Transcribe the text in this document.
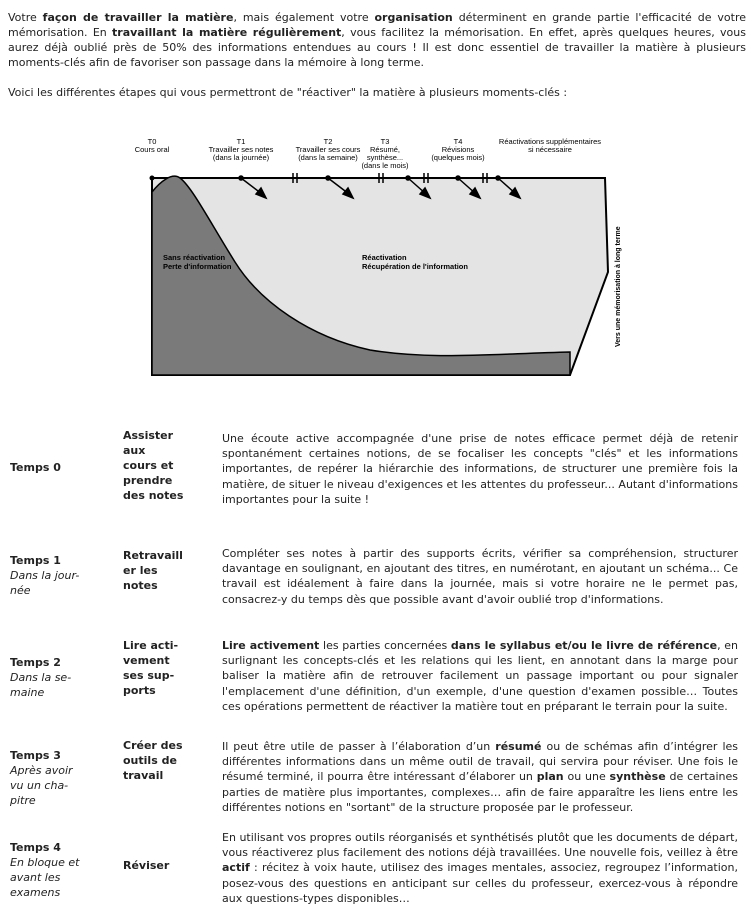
Votre façon de travailler la matière, mais également votre organisation déterminent en grande partie l'efficacité de votre mémorisation. En travaillant la matière régulièrement, vous facilitez la mémorisation. En effet, après quelques heures, vous aurez déjà oublié près de 50% des informations entendues au cours ! Il est donc essentiel de travailler la matière à plusieurs moments-clés afin de favoriser son passage dans la mémoire à long terme.
Voici les différentes étapes qui vous permettront de "réactiver" la matière à plusieurs moments-clés :
T0 Cours oral
T1 Travailler ses notes (dans la journée)
T2 Travailler ses cours (dans la semaine)
T3 Résumé, synthèse... (dans le mois)
T4 Révisions (quelques mois)
Réactivations supplémentaires si nécessaire
Sans réactivation Perte d'information
Réactivation Récupération de l'information	Vers une mémorisation à long terme
Temps 0
Assister
aux
cours et
prendre
des notes
Une écoute active accompagnée d'une prise de notes efficace permet déjà de retenir spontanément certaines notions, de se focaliser les concepts "clés" et les informations importantes, de repérer la hiérarchie des informations, de structurer une première fois la matière, de situer le niveau d'exigences et les attentes du professeur... Autant d'informations importantes pour la suite !
Temps 1
Dans la jour-
née
Retravaill
er les
notes
Compléter ses notes à partir des supports écrits, vérifier sa compréhension, structurer davantage en soulignant, en ajoutant des titres, en numérotant, en ajoutant un schéma... Ce travail est idéalement à faire dans la journée, mais si votre horaire ne le permet pas, consacrez-y du temps dès que possible avant d'avoir oublié trop d'informations.
Temps 2
Dans la se-
maine
Lire acti-
vement
ses sup-
ports
Lire activement les parties concernées dans le syllabus et/ou le livre de référence, en surlignant les concepts-clés et les relations qui les lient, en annotant dans la marge pour baliser la matière afin de retrouver facilement un passage important ou pour signaler l'emplacement d'une définition, d'un exemple, d'une question d'examen possible… Toutes ces opérations permettent de réactiver la matière tout en préparant le terrain pour la suite.
Temps 3
Après avoir
vu un cha-
pitre
Créer des
outils de
travail
Il peut être utile de passer à l’élaboration d’un résumé ou de schémas afin d’intégrer les différentes informations dans un même outil de travail, qui servira pour réviser. Une fois le résumé terminé, il pourra être intéressant d’élaborer un plan ou une synthèse de certaines parties de matière plus importantes, complexes… afin de faire apparaître les liens entre les différentes notions en "sortant" de la structure proposée par le professeur.
Temps 4
En bloque et
avant les
examens
Réviser
En utilisant vos propres outils réorganisés et synthétisés plutôt que les documents de départ, vous réactiverez plus facilement des notions déjà travaillées. Une nouvelle fois, veillez à être actif : récitez à voix haute, utilisez des images mentales, associez, regroupez l’information, posez-vous des questions en anticipant sur celles du professeur, exercez-vous à répondre aux questions-types disponibles…
